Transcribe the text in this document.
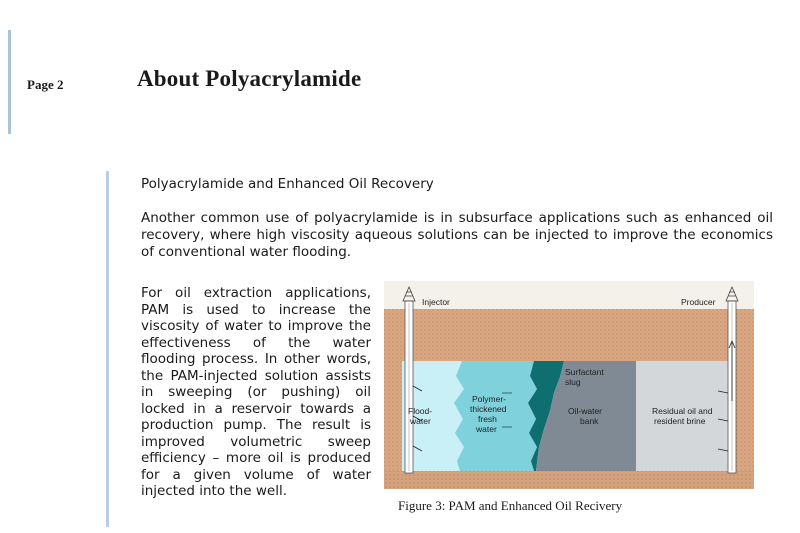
Page 2	About Polyacrylamide
Polyacrylamide and Enhanced Oil Recovery

Another common use of polyacrylamide is in subsurface applications such as enhanced oil recovery, where high viscosity aqueous solutions can be injected to improve the economics of conventional water flooding.

For oil extraction applications, PAM is used to increase the viscosity of water to improve the effectiveness of the water flooding process. In other words, the PAM-injected solution assists in sweeping (or pushing) oil locked in a reservoir towards a production pump. The result is improved volumetric sweep efficiency – more oil is produced for a given volume of water injected into the well.

Injector	Producer
Flood-
water
Polymer-
thickened
fresh
water
Surfactant
slug
Oil-water
bank
Residual oil and
resident brine
Figure 3: PAM and Enhanced Oil Recivery
